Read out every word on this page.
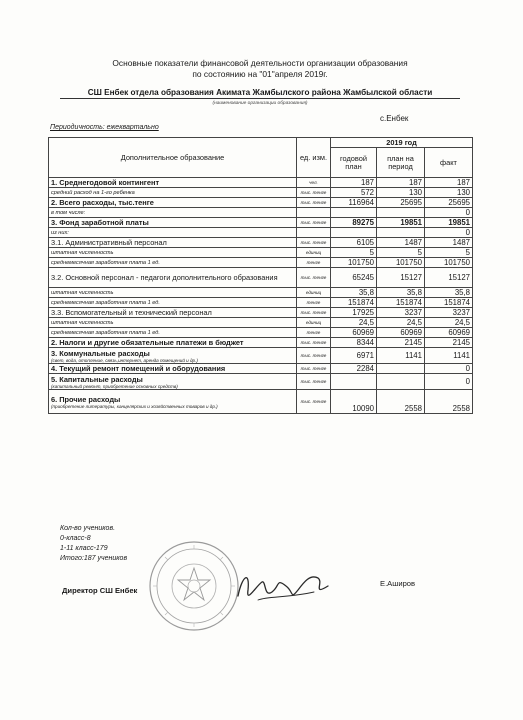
Основные показатели финансовой деятельности организации образования
по состоянию на "01"апреля 2019г.
СШ Енбек отдела образования Акимата Жамбылского района Жамбылской области
(наименование организации образования)
с.Енбек
Периодичность: ежеквартально
Дополнительное образование	ед. изм.	2019 год		
		годовой план	план на период	факт
1. Среднегодовой контингент	чел.	187	187	187
средний расход на 1-го ребенка	тыс. тенге	572	130	130
2. Всего расходы, тыс.тенге	тыс. тенге	116964	25695	25695
в том числе:				0
3. Фонд заработной платы	тыс. тенге	89275	19851	19851
из них:				0
3.1. Административный персонал	тыс. тенге	6105	1487	1487
штатная численность	единиц	5	5	5
среднемесячная заработная плата 1 ед.	тенге	101750	101750	101750
3.2. Основной персонал - педагоги дополнительного образования	тыс. тенге	65245	15127	15127
штатная численность	единиц	35,8	35,8	35,8
среднемесячная заработная плата 1 ед.	тенге	151874	151874	151874
3.3. Вспомогательный и технический персонал	тыс. тенге	17925	3237	3237
штатная численность	единиц	24,5	24,5	24,5
среднемесячная заработная плата 1 ед.	тенге	60969	60969	60969
2. Налоги и другие обязательные платежи в бюджет	тыс. тенге	8344	2145	2145
3. Коммунальные расходы
(свет, вода, отопление, связь,интернет, аренда помещений и др.)	тыс. тенге	6971	1141	1141
4. Текущий ремонт помещений и оборудования	тыс. тенге	2284		0
5. Капитальные расходы
(капитальный ремонт, приобретение основных средств)	тыс. тенге			0
6. Прочие расходы
(приобретение литературы, канцелярских и хозяйственных товаров и др.)	тыс. тенге	10090	2558	2558
Кол-во учеников.
0-класс-8
1-11 класс-179
Итого:187 учеников
Директор СШ Енбек
Е.Аширов
